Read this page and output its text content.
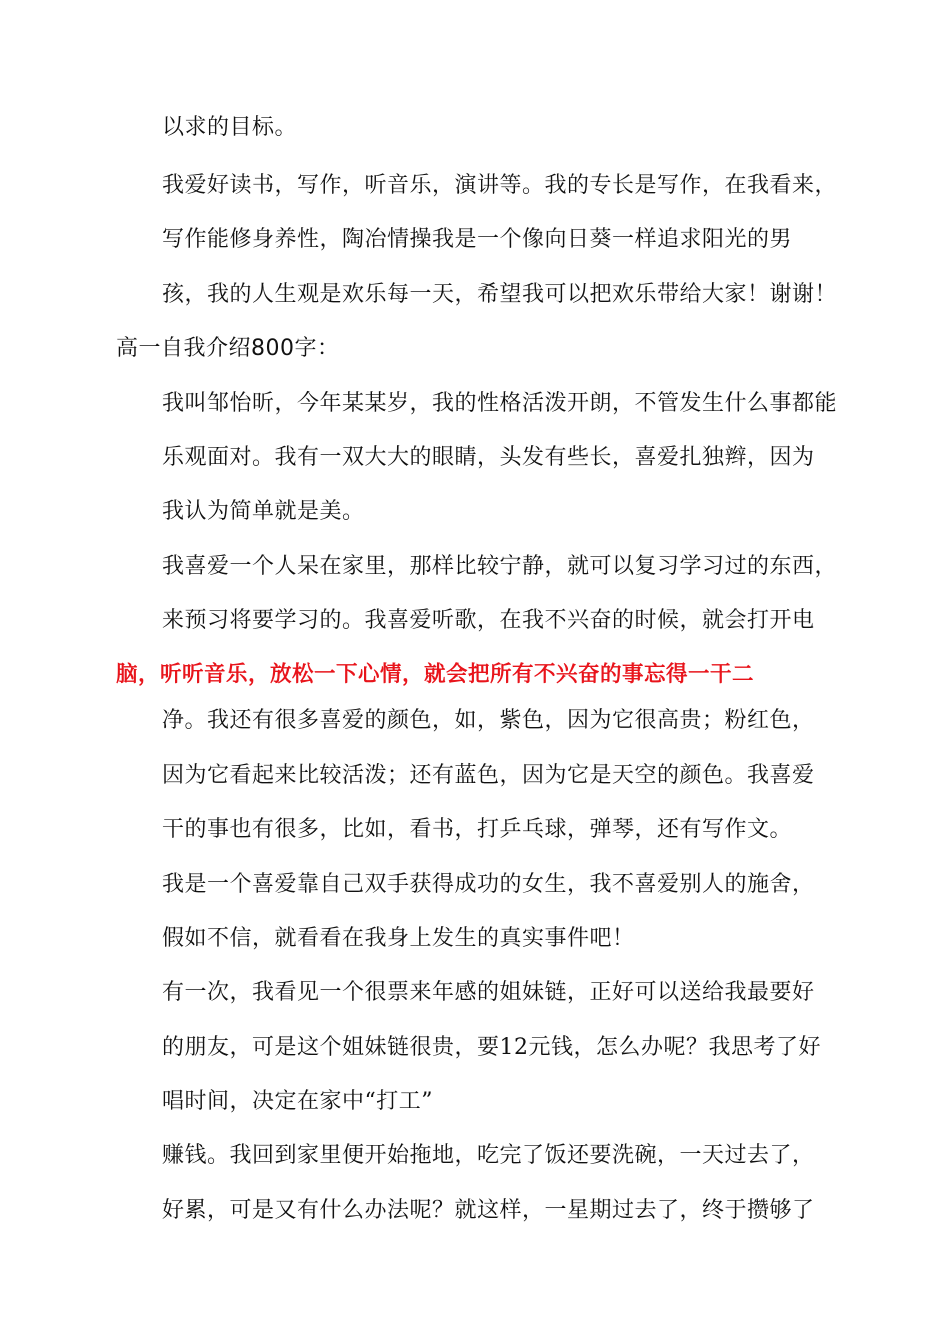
以求的目标。
我爱好读书，写作，听音乐，演讲等。我的专长是写作，在我看来，
写作能修身养性，陶冶情操我是一个像向日葵一样追求阳光的男
孩，我的人生观是欢乐每一天，希望我可以把欢乐带给大家！谢谢！
高一自我介绍800字：
我叫邹怡昕，今年某某岁，我的性格活泼开朗，不管发生什么事都能
乐观面对。我有一双大大的眼睛，头发有些长，喜爱扎独辫，因为
我认为简单就是美。
我喜爱一个人呆在家里，那样比较宁静，就可以复习学习过的东西，
来预习将要学习的。我喜爱听歌，在我不兴奋的时候，就会打开电
脑，听听音乐，放松一下心情，就会把所有不兴奋的事忘得一干二
净。我还有很多喜爱的颜色，如，紫色，因为它很高贵；粉红色，
因为它看起来比较活泼；还有蓝色，因为它是天空的颜色。我喜爱
干的事也有很多，比如，看书，打乒乓球，弹琴，还有写作文。
我是一个喜爱靠自己双手获得成功的女生，我不喜爱别人的施舍，
假如不信，就看看在我身上发生的真实事件吧！
有一次，我看见一个很票来年感的姐妹链，正好可以送给我最要好
的朋友，可是这个姐妹链很贵，要12元钱，怎么办呢？我思考了好
唱时间，决定在家中“打工”
赚钱。我回到家里便开始拖地，吃完了饭还要洗碗，一天过去了，
好累，可是又有什么办法呢？就这样，一星期过去了，终于攒够了
